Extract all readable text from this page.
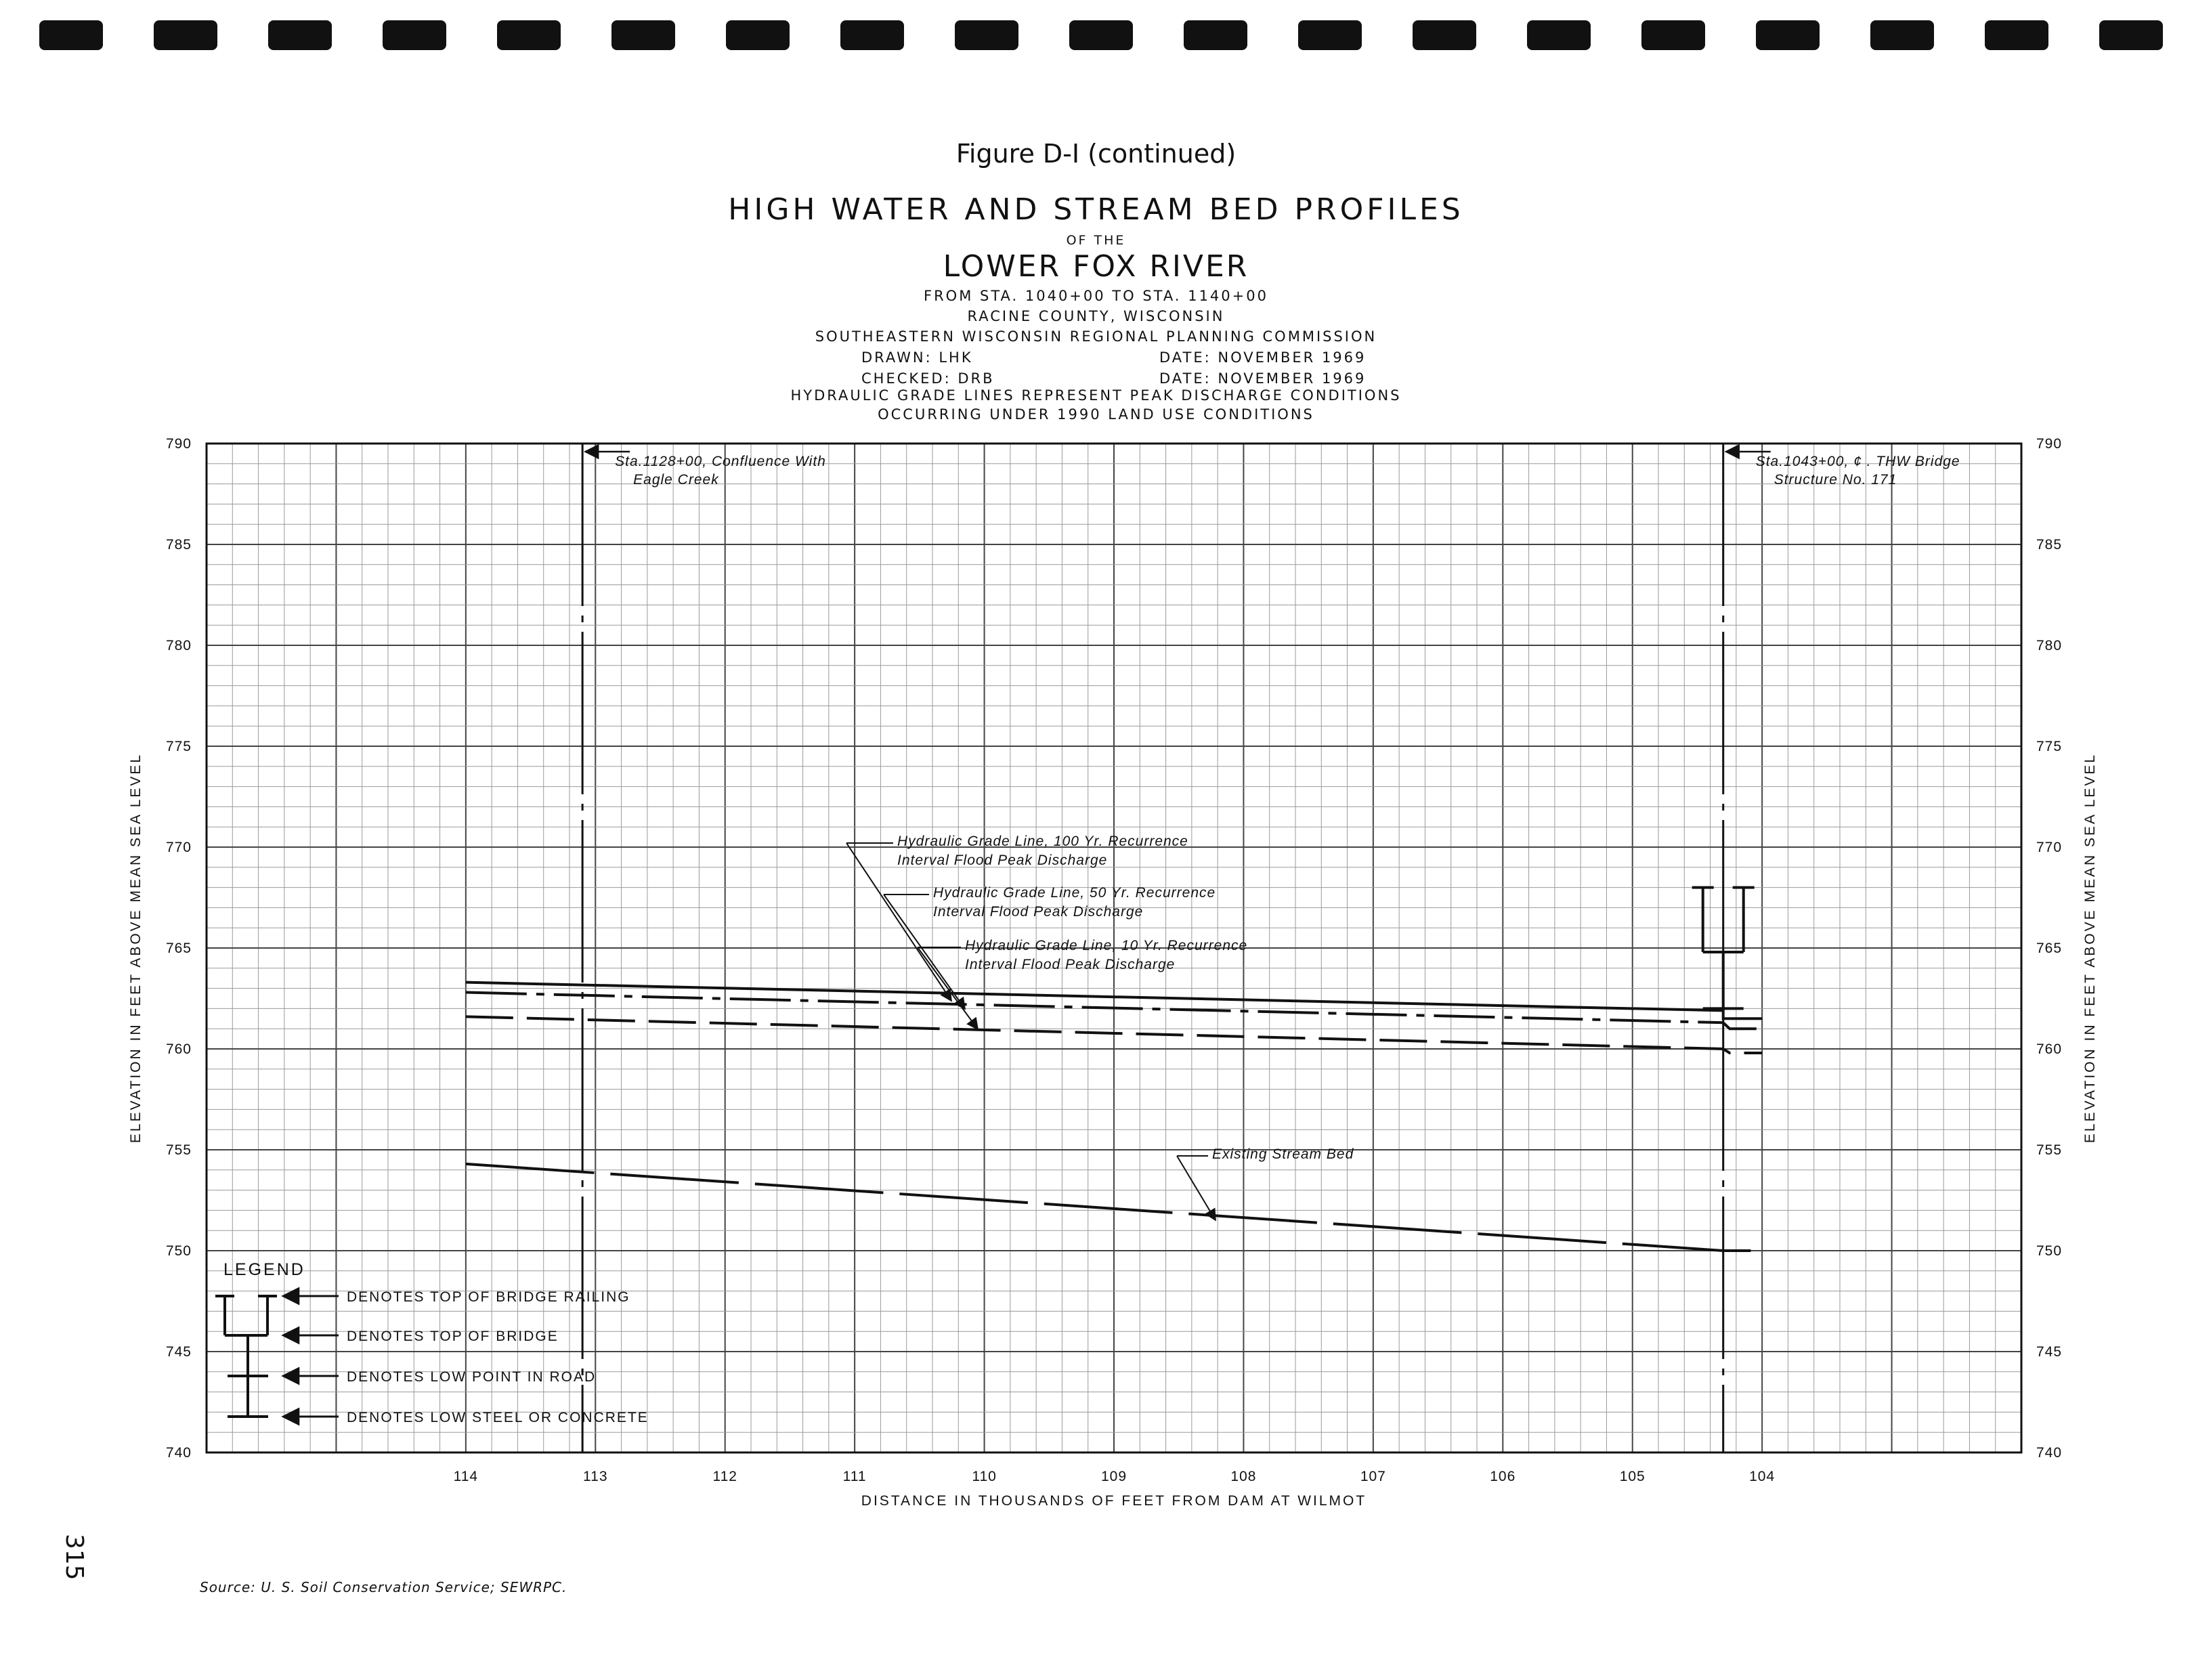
Figure D-I (continued)
HIGH WATER AND STREAM BED PROFILES
OF THE
LOWER FOX RIVER
FROM STA. 1040+00 TO STA. 1140+00
RACINE COUNTY, WISCONSIN
SOUTHEASTERN WISCONSIN REGIONAL PLANNING COMMISSION
DRAWN: LHK	DATE: NOVEMBER 1969
CHECKED: DRB	DATE: NOVEMBER 1969
HYDRAULIC GRADE LINES REPRESENT PEAK DISCHARGE CONDITIONS
OCCURRING UNDER 1990 LAND USE CONDITIONS
740	740
745	745
750	750
755	755
760	760
765	765
770	770
775	775
780	780
785	785
790	790
114	113	112	111	110	109	108	107	106	105	104
Sta.1128+00, Confluence With
Eagle Creek
Sta.1043+00, ¢ . THW Bridge
Structure No. 171
Hydraulic Grade Line, 100 Yr. Recurrence
Interval Flood Peak Discharge
Hydraulic Grade Line, 50 Yr. Recurrence
Interval Flood Peak Discharge
Hydraulic Grade Line, 10 Yr. Recurrence
Interval Flood Peak Discharge
Existing Stream Bed
LEGEND
DENOTES TOP OF BRIDGE RAILING
DENOTES TOP OF BRIDGE
DENOTES LOW POINT IN ROAD
DENOTES LOW STEEL OR CONCRETE
DISTANCE IN THOUSANDS OF FEET FROM DAM AT WILMOT
ELEVATION IN FEET ABOVE MEAN SEA LEVEL	ELEVATION IN FEET ABOVE MEAN SEA LEVEL
315
Source: U. S. Soil Conservation Service; SEWRPC.
